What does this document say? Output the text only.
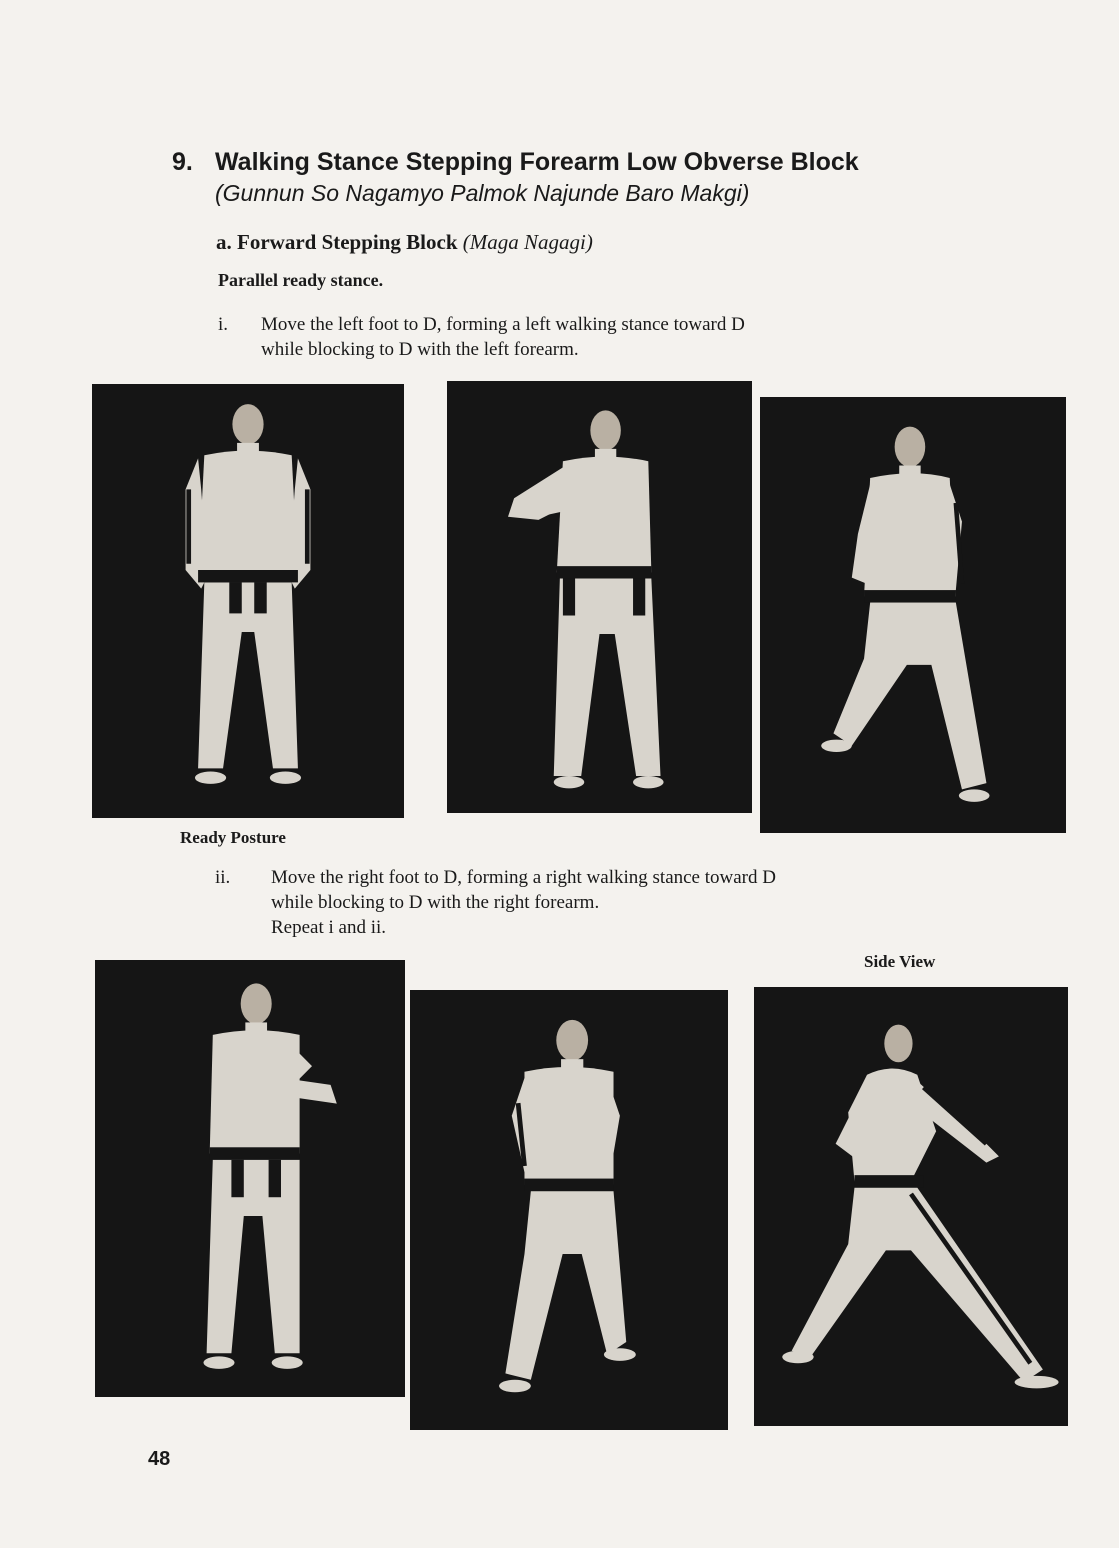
9. Walking Stance Stepping Forearm Low Obverse Block
(Gunnun So Nagamyo Palmok Najunde Baro Makgi)
a. Forward Stepping Block (Maga Nagagi)
Parallel ready stance.
i. Move the left foot to D, forming a left walking stance toward D
while blocking to D with the left forearm.
Ready Posture
ii. Move the right foot to D, forming a right walking stance toward D
while blocking to D with the right forearm.
Repeat i and ii.
Side View
48
